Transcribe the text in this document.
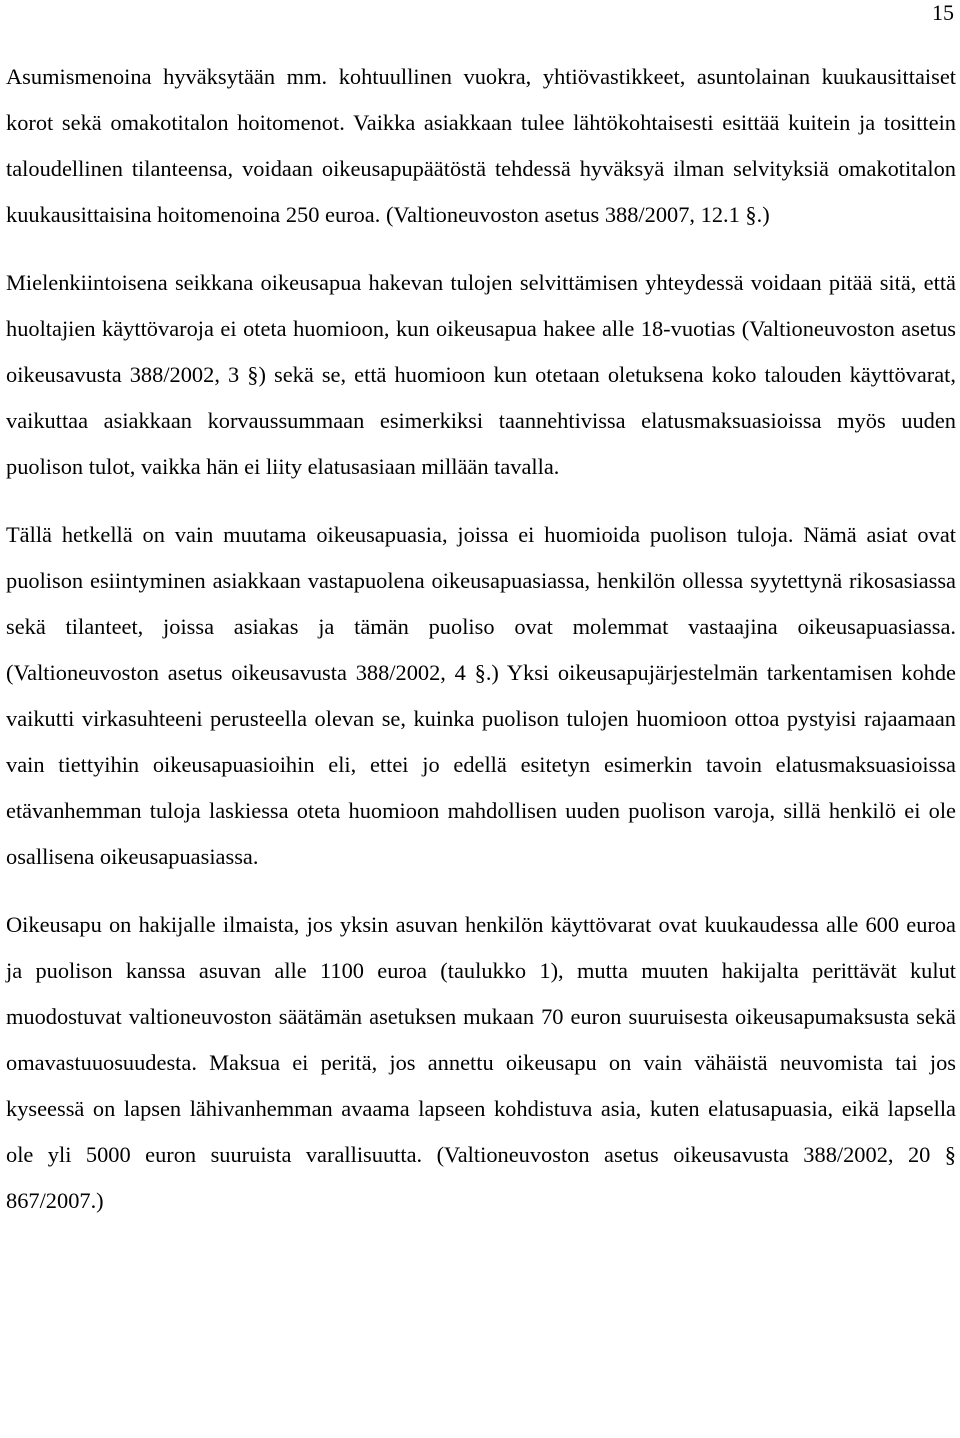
15

Asumismenoina hyväksytään mm. kohtuullinen vuokra, yhtiövastikkeet, asuntolainan kuukausittaiset korot sekä omakotitalon hoitomenot. Vaikka asiakkaan tulee lähtökohtaisesti esittää kuitein ja tosittein taloudellinen tilanteensa, voidaan oikeusapupäätöstä tehdessä hyväksyä ilman selvityksiä omakotitalon kuukausittaisina hoitomenoina 250 euroa. (Valtioneuvoston asetus 388/2007, 12.1 §.)

Mielenkiintoisena seikkana oikeusapua hakevan tulojen selvittämisen yhteydessä voidaan pitää sitä, että huoltajien käyttövaroja ei oteta huomioon, kun oikeusapua hakee alle 18-vuotias (Valtioneuvoston asetus oikeusavusta 388/2002, 3 §) sekä se, että huomioon kun otetaan oletuksena koko talouden käyttövarat, vaikuttaa asiakkaan korvaussummaan esimerkiksi taannehtivissa elatusmaksuasioissa myös uuden puolison tulot, vaikka hän ei liity elatusasiaan millään tavalla.

Tällä hetkellä on vain muutama oikeusapuasia, joissa ei huomioida puolison tuloja. Nämä asiat ovat puolison esiintyminen asiakkaan vastapuolena oikeusapuasiassa, henkilön ollessa syytettynä rikosasiassa sekä tilanteet, joissa asiakas ja tämän puoliso ovat molemmat vastaajina oikeusapuasiassa. (Valtioneuvoston asetus oikeusavusta 388/2002, 4 §.) Yksi oikeusapujärjestelmän tarkentamisen kohde vaikutti virkasuhteeni perusteella olevan se, kuinka puolison tulojen huomioon ottoa pystyisi rajaamaan vain tiettyihin oikeusapuasioihin eli, ettei jo edellä esitetyn esimerkin tavoin elatusmaksuasioissa etävanhemman tuloja laskiessa oteta huomioon mahdollisen uuden puolison varoja, sillä henkilö ei ole osallisena oikeusapuasiassa.

Oikeusapu on hakijalle ilmaista, jos yksin asuvan henkilön käyttövarat ovat kuukaudessa alle 600 euroa ja puolison kanssa asuvan alle 1100 euroa (taulukko 1), mutta muuten hakijalta perittävät kulut muodostuvat valtioneuvoston säätämän asetuksen mukaan 70 euron suuruisesta oikeusapumaksusta sekä omavastuuosuudesta. Maksua ei peritä, jos annettu oikeusapu on vain vähäistä neuvomista tai jos kyseessä on lapsen lähivanhemman avaama lapseen kohdistuva asia, kuten elatusapuasia, eikä lapsella ole yli 5000 euron suuruista varallisuutta. (Valtioneuvoston asetus oikeusavusta 388/2002, 20 § 867/2007.)
